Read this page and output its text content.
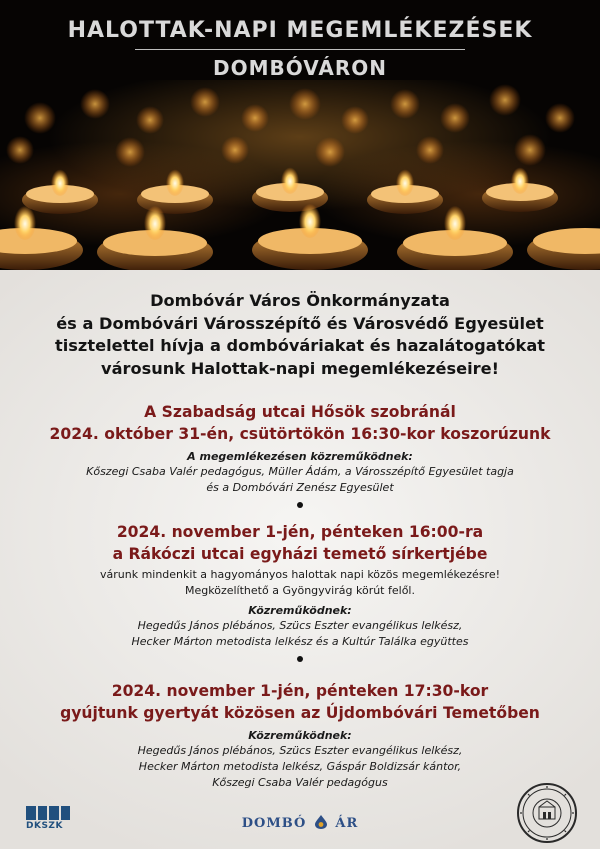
HALOTTAK-NAPI MEGEMLÉKEZÉSEK
DOMBÓVÁRON
Dombóvár Város Önkormányzata
és a Dombóvári Városszépítő és Városvédő Egyesület
tisztelettel hívja a dombóváriakat és hazalátogatókat
városunk Halottak-napi megemlékezéseire!
A Szabadság utcai Hősök szobránál
2024. október 31-én, csütörtökön 16:30-kor koszorúzunk
A megemlékezésen közreműködnek:
Kőszegi Csaba Valér pedagógus, Müller Ádám, a Városszépítő Egyesület tagja
és a Dombóvári Zenész Egyesület
2024. november 1-jén, pénteken 16:00-ra
a Rákóczi utcai egyházi temető sírkertjébe
várunk mindenkit a hagyományos halottak napi közös megemlékezésre!
Megközelíthető a Gyöngyvirág körút felől.
Közreműködnek:
Hegedűs János plébános, Szücs Eszter evangélikus lelkész,
Hecker Márton metodista lelkész és a Kultúr Találka együttes
2024. november 1-jén, pénteken 17:30-kor
gyújtunk gyertyát közösen az Újdombóvári Temetőben
Közreműködnek:
Hegedűs János plébános, Szücs Eszter evangélikus lelkész,
Hecker Márton metodista lelkész, Gáspár Boldizsár kántor,
Kőszegi Csaba Valér pedagógus
DKSZK	DOMBÓ ÁR
